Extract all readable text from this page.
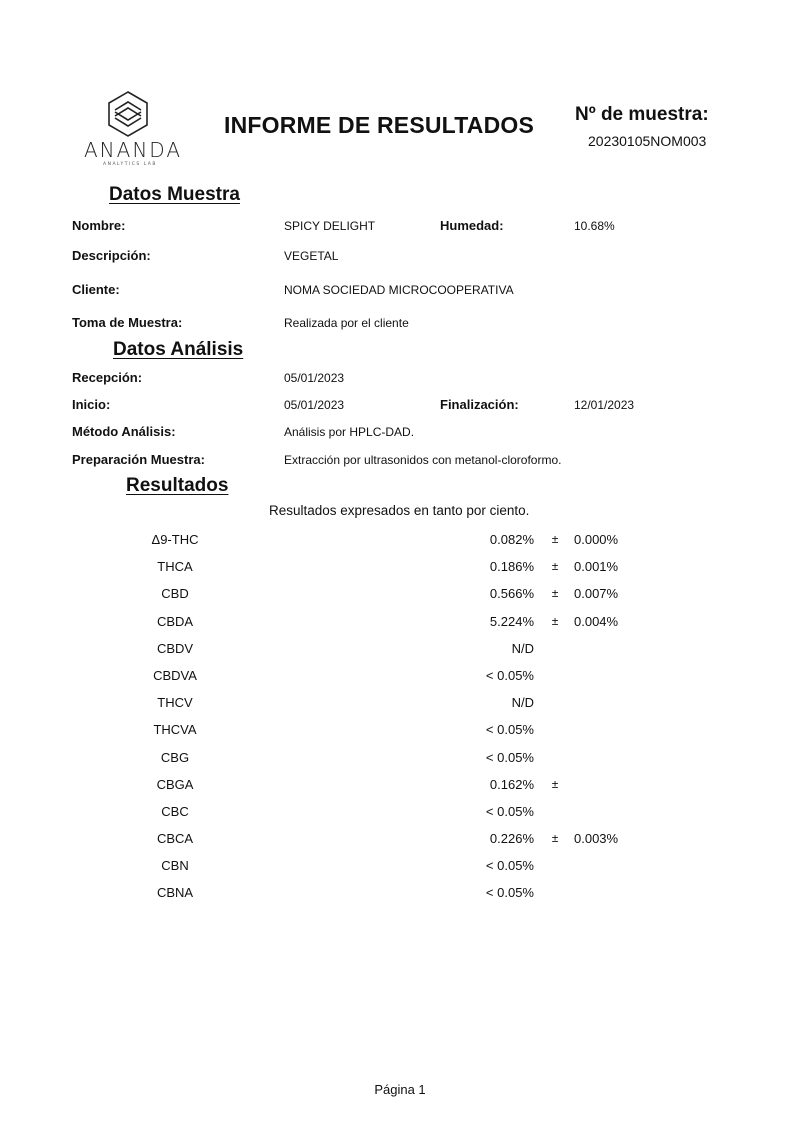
ANANDA
ANALYTICS LAB
INFORME DE RESULTADOS Nº de muestra:
20230105NOM003
Datos Muestra
Nombre:	SPICY DELIGHT	Humedad:	10.68%
Descripción:	VEGETAL
Cliente:	NOMA SOCIEDAD MICROCOOPERATIVA
Toma de Muestra:	Realizada por el cliente
Datos Análisis
Recepción:	05/01/2023
Inicio:	05/01/2023	Finalización:	12/01/2023
Método Análisis:	Análisis por HPLC-DAD.
Preparación Muestra:	Extracción por ultrasonidos con metanol-cloroformo.
Resultados
Resultados expresados en tanto por ciento.
Δ9-THC	0.082% ± 0.000%
THCA	0.186% ± 0.001%
CBD	0.566% ± 0.007%
CBDA	5.224% ± 0.004%
CBDV	N/D
CBDVA	< 0.05%
THCV	N/D
THCVA	< 0.05%
CBG	< 0.05%
CBGA	0.162% ±
CBC	< 0.05%
CBCA	0.226% ± 0.003%
CBN	< 0.05%
CBNA	< 0.05%
Página 1
